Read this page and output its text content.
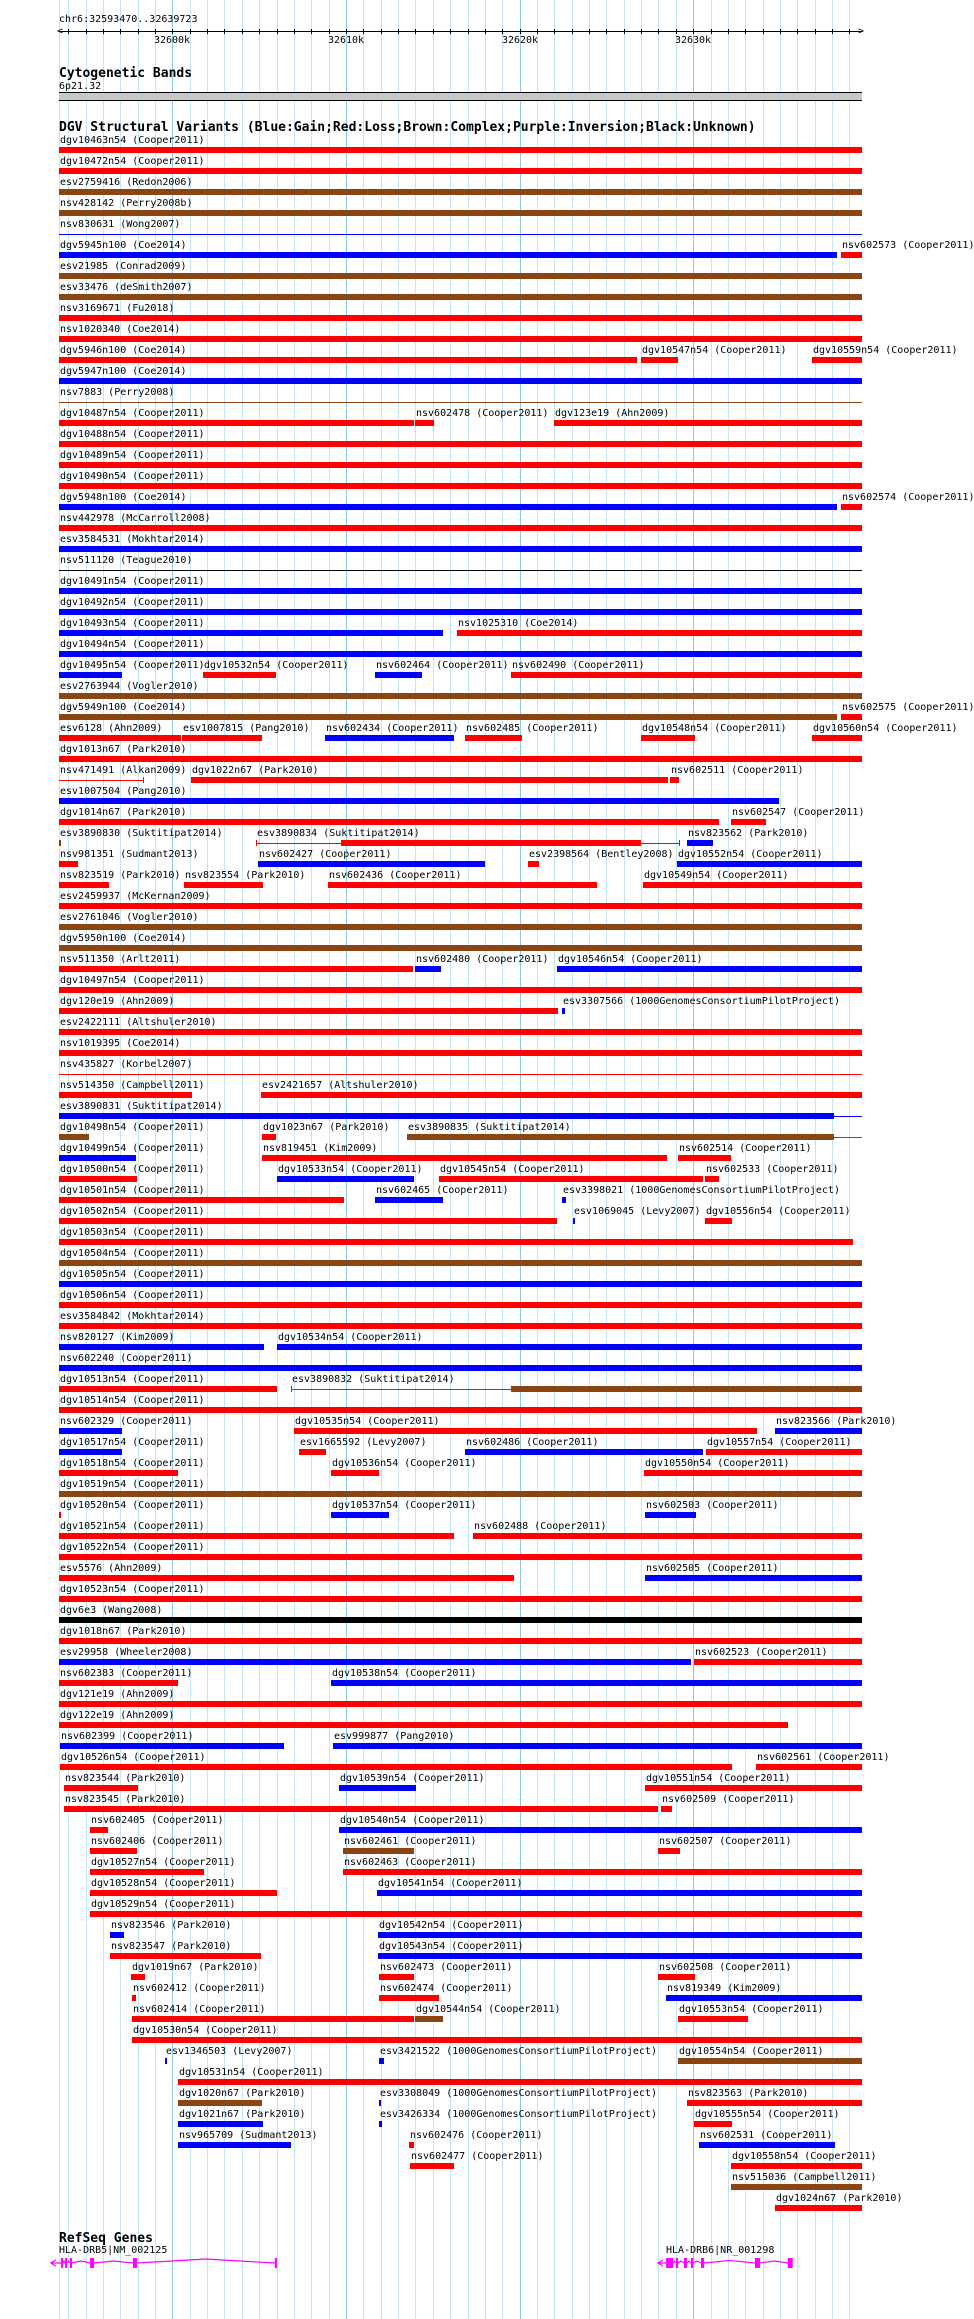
chr6:32593470..32639723
<	>
32600k	32610k	32620k	32630k
Cytogenetic Bands
6p21.32
DGV Structural Variants (Blue:Gain;Red:Loss;Brown:Complex;Purple:Inversion;Black:Unknown)
dgv10463n54 ( Cooper2011 )
dgv10472n54 ( Cooper2011 )
esv2759416 ( Redon2006 )
nsv428142 ( Perry2008b )
nsv830631 ( Wong2007 )
dgv5945n100 ( Coe2014 )	nsv602573 ( Cooper2011 )
esv21985 ( Conrad2009 )
esv33476 ( deSmith2007 )
nsv3169671 ( Fu2018 )
nsv1020340 ( Coe2014 )
dgv5946n100 ( Coe2014 )	dgv10547n54 ( Cooper2011 )	dgv10559n54 ( Cooper2011 )
dgv5947n100 ( Coe2014 )
nsv7883 ( Perry2008 )
dgv10487n54 ( Cooper2011 )	nsv602478 ( Cooper2011 )	dgv123e19 ( Ahn2009 )
dgv10488n54 ( Cooper2011 )
dgv10489n54 ( Cooper2011 )
dgv10490n54 ( Cooper2011 )
dgv5948n100 ( Coe2014 )	nsv602574 ( Cooper2011 )
nsv442978 ( McCarroll2008 )
esv3584531 ( Mokhtar2014 )
nsv511120 ( Teague2010 )
dgv10491n54 ( Cooper2011 )
dgv10492n54 ( Cooper2011 )
dgv10493n54 ( Cooper2011 )	nsv1025310 ( Coe2014 )
dgv10494n54 ( Cooper2011 )
dgv10495n54 ( Cooper2011 ) dgv10532n54 ( Cooper2011 )	nsv602464 ( Cooper2011 ) nsv602490 ( Cooper2011 )
esv2763944 ( Vogler2010 )
dgv5949n100 ( Coe2014 )	nsv602575 ( Cooper2011 )
esv6128 ( Ahn2009 )	esv1007815 ( Pang2010 )	nsv602434 ( Cooper2011 )	nsv602485 ( Cooper2011 )	dgv10548n54 ( Cooper2011 )	dgv10560n54 ( Cooper2011 )
dgv1013n67 ( Park2010 )
nsv471491 ( Alkan2009 )	dgv1022n67 ( Park2010 )	nsv602511 ( Cooper2011 )
esv1007504 ( Pang2010 )
dgv1014n67 ( Park2010 )	nsv602547 ( Cooper2011 )
esv3890830 ( Suktitipat2014 )	esv3890834 ( Suktitipat2014 )	nsv823562 ( Park2010 )
nsv981351 ( Sudmant2013 )	nsv602427 ( Cooper2011 )	esv2398564 ( Bentley2008 )	dgv10552n54 ( Cooper2011 )
nsv823519 ( Park2010 )	nsv823554 ( Park2010 )	nsv602436 ( Cooper2011 )	dgv10549n54 ( Cooper2011 )
esv2459937 ( McKernan2009 )
esv2761046 ( Vogler2010 )
dgv5950n100 ( Coe2014 )
nsv511350 ( Arlt2011 )	nsv602480 ( Cooper2011 )	dgv10546n54 ( Cooper2011 )
dgv10497n54 ( Cooper2011 )
dgv120e19 ( Ahn2009 )	esv3307566 ( 1000GenomesConsortiumPilotProject )
esv2422111 ( Altshuler2010 )
nsv1019395 ( Coe2014 )
nsv435827 ( Korbel2007 )
nsv514350 ( Campbell2011 )	esv2421657 ( Altshuler2010 )
esv3890831 ( Suktitipat2014 )
dgv10498n54 ( Cooper2011 )	dgv1023n67 ( Park2010 )	esv3890835 ( Suktitipat2014 )
dgv10499n54 ( Cooper2011 )	nsv819451 ( Kim2009 )	nsv602514 ( Cooper2011 )
dgv10500n54 ( Cooper2011 )	dgv10533n54 ( Cooper2011 )	dgv10545n54 ( Cooper2011 )	nsv602533 ( Cooper2011 )
dgv10501n54 ( Cooper2011 )	nsv602465 ( Cooper2011 )	esv3398021 ( 1000GenomesConsortiumPilotProject )
dgv10502n54 ( Cooper2011 )	esv1069045 ( Levy2007 )	dgv10556n54 ( Cooper2011 )
dgv10503n54 ( Cooper2011 )
dgv10504n54 ( Cooper2011 )
dgv10505n54 ( Cooper2011 )
dgv10506n54 ( Cooper2011 )
esv3584842 ( Mokhtar2014 )
nsv820127 ( Kim2009 )	dgv10534n54 ( Cooper2011 )
nsv602240 ( Cooper2011 )
dgv10513n54 ( Cooper2011 )	esv3890832 ( Suktitipat2014 )
dgv10514n54 ( Cooper2011 )
nsv602329 ( Cooper2011 )	dgv10535n54 ( Cooper2011 )	nsv823566 ( Park2010 )
dgv10517n54 ( Cooper2011 )	esv1665592 ( Levy2007 )	nsv602486 ( Cooper2011 )	dgv10557n54 ( Cooper2011 )
dgv10518n54 ( Cooper2011 )	dgv10536n54 ( Cooper2011 )	dgv10550n54 ( Cooper2011 )
dgv10519n54 ( Cooper2011 )
dgv10520n54 ( Cooper2011 )	dgv10537n54 ( Cooper2011 )	nsv602503 ( Cooper2011 )
dgv10521n54 ( Cooper2011 )	nsv602488 ( Cooper2011 )
dgv10522n54 ( Cooper2011 )
esv5576 ( Ahn2009 )	nsv602505 ( Cooper2011 )
dgv10523n54 ( Cooper2011 )
dgv6e3 ( Wang2008 )
dgv1018n67 ( Park2010 )
esv29958 ( Wheeler2008 )	nsv602523 ( Cooper2011 )
nsv602383 ( Cooper2011 )	dgv10538n54 ( Cooper2011 )
dgv121e19 ( Ahn2009 )
dgv122e19 ( Ahn2009 )
nsv602399 ( Cooper2011 )	esv999877 ( Pang2010 )
dgv10526n54 ( Cooper2011 )	nsv602561 ( Cooper2011 )
nsv823544 ( Park2010 )	dgv10539n54 ( Cooper2011 )	dgv10551n54 ( Cooper2011 )
nsv823545 ( Park2010 )	nsv602509 ( Cooper2011 )
nsv602405 ( Cooper2011 )	dgv10540n54 ( Cooper2011 )
nsv602406 ( Cooper2011 )	nsv602461 ( Cooper2011 )	nsv602507 ( Cooper2011 )
dgv10527n54 ( Cooper2011 )	nsv602463 ( Cooper2011 )
dgv10528n54 ( Cooper2011 )	dgv10541n54 ( Cooper2011 )
dgv10529n54 ( Cooper2011 )
nsv823546 ( Park2010 )	dgv10542n54 ( Cooper2011 )
nsv823547 ( Park2010 )	dgv10543n54 ( Cooper2011 )
dgv1019n67 ( Park2010 )	nsv602473 ( Cooper2011 )	nsv602508 ( Cooper2011 )
nsv602412 ( Cooper2011 )	nsv602474 ( Cooper2011 )	nsv819349 ( Kim2009 )
nsv602414 ( Cooper2011 )	dgv10544n54 ( Cooper2011 )	dgv10553n54 ( Cooper2011 )
dgv10530n54 ( Cooper2011 )
esv1346503 ( Levy2007 )	esv3421522 ( 1000GenomesConsortiumPilotProject )	dgv10554n54 ( Cooper2011 )
dgv10531n54 ( Cooper2011 )
dgv1020n67 ( Park2010 )	esv3308049 ( 1000GenomesConsortiumPilotProject )	nsv823563 ( Park2010 )
dgv1021n67 ( Park2010 )	esv3426334 ( 1000GenomesConsortiumPilotProject )	dgv10555n54 ( Cooper2011 )
nsv965709 ( Sudmant2013 )	nsv602476 ( Cooper2011 )	nsv602531 ( Cooper2011 )
nsv602477 ( Cooper2011 )	dgv10558n54 ( Cooper2011 )
nsv515036 ( Campbell2011 )
dgv1024n67 ( Park2010 )
RefSeq Genes
HLA-DRB5|NM_002125	HLA-DRB6|NR_001298
